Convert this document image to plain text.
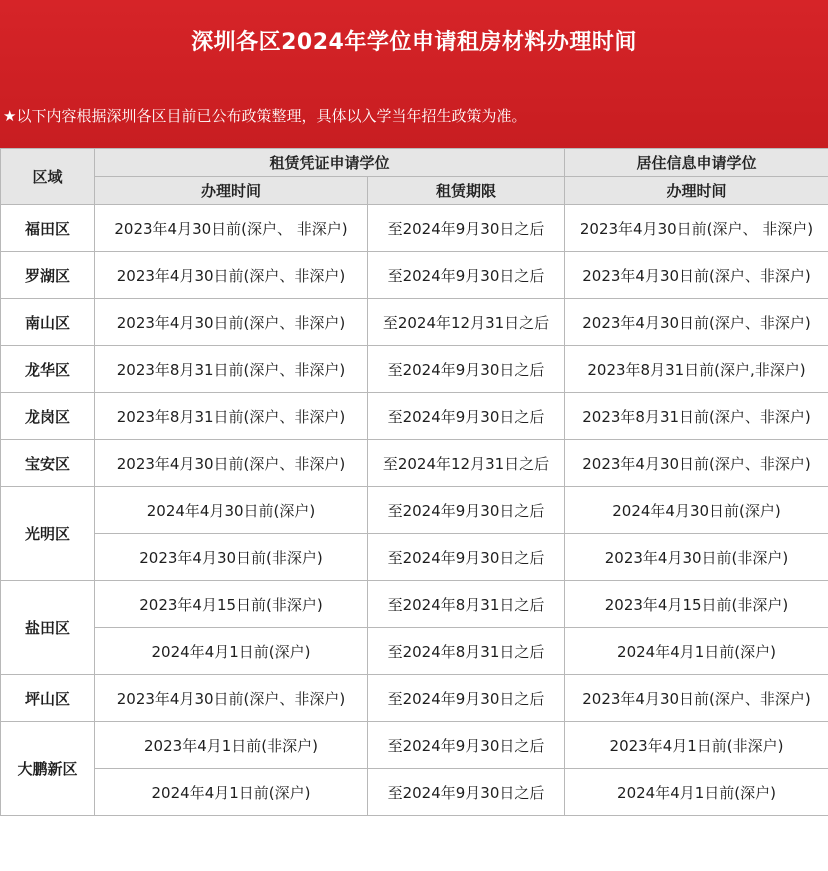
深圳各区2024年学位申请租房材料办理时间
★以下内容根据深圳各区目前已公布政策整理，具体以入学当年招生政策为准。
区域	租赁凭证申请学位		居住信息申请学位
	办理时间	租赁期限	办理时间
福田区	2023年4月30日前(深户、 非深户)	至2024年9月30日之后	2023年4月30日前(深户、 非深户)
罗湖区	2023年4月30日前(深户、非深户)	至2024年9月30日之后	2023年4月30日前(深户、非深户)
南山区	2023年4月30日前(深户、非深户)	至2024年12月31日之后	2023年4月30日前(深户、非深户)
龙华区	2023年8月31日前(深户、非深户)	至2024年9月30日之后	2023年8月31日前(深户,非深户)
龙岗区	2023年8月31日前(深户、非深户)	至2024年9月30日之后	2023年8月31日前(深户、非深户)
宝安区	2023年4月30日前(深户、非深户)	至2024年12月31日之后	2023年4月30日前(深户、非深户)
光明区	2024年4月30日前(深户)	至2024年9月30日之后	2024年4月30日前(深户)
	2023年4月30日前(非深户)	至2024年9月30日之后	2023年4月30日前(非深户)
盐田区	2023年4月15日前(非深户)	至2024年8月31日之后	2023年4月15日前(非深户)
	2024年4月1日前(深户)	至2024年8月31日之后	2024年4月1日前(深户)
坪山区	2023年4月30日前(深户、非深户)	至2024年9月30日之后	2023年4月30日前(深户、非深户)
大鹏新区	2023年4月1日前(非深户)	至2024年9月30日之后	2023年4月1日前(非深户)
	2024年4月1日前(深户)	至2024年9月30日之后	2024年4月1日前(深户)
